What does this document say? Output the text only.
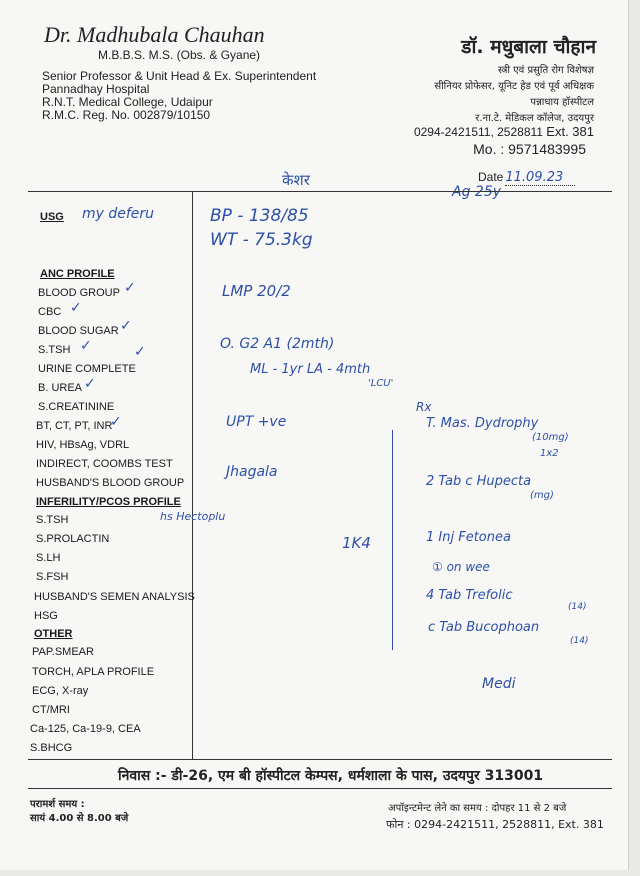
Dr. Madhubala Chauhan
M.B.B.S. M.S. (Obs. & Gyane)
Senior Professor & Unit Head & Ex. Superintendent
Pannadhay Hospital
R.N.T. Medical College, Udaipur
R.M.C. Reg. No. 002879/10150
डॉ. मधुबाला चौहान
स्त्री एवं प्रसुति रोग विशेषज्ञ
सीनियर प्रोफेसर, यूनिट हेड एवं पूर्व अधिक्षक
पन्नाधाय हॉस्पीटल
र.ना.टे. मेडिकल कॉलेज, उदयपुर
0294-2421511, 2528811 Ext. 381
Mo. : 9571483995
Date 11.09.23
केशर
Ag 25y
USG my deferu
ANC PROFILE
BLOOD GROUP
CBC
BLOOD SUGAR
S.TSH
URINE COMPLETE
B. UREA
S.CREATININE
BT, CT, PT, INR
HIV, HBsAg, VDRL
INDIRECT, COOMBS TEST
HUSBAND'S BLOOD GROUP
INFERILITY/PCOS PROFILE
S.TSH
S.PROLACTIN
S.LH
S.FSH
HUSBAND'S SEMEN ANALYSIS
HSG
OTHER
PAP.SMEAR
TORCH, APLA PROFILE
ECG, X-ray
CT/MRI
Ca-125, Ca-19-9, CEA
S.BHCG
✓
✓
✓
✓	✓
✓
✓
hs Hectoplu
BP - 138/85
WT - 75.3kg
LMP 20/2
O. G2 A1 (2mth)
ML - 1yr LA - 4mth
'LCU'
UPT +ve
Jhagala
1K4
Rx
T. Mas. Dydrophy
(10mg)
1x2
2 Tab c Hupecta
(mg)
1 Inj Fetonea
① on wee
4 Tab Trefolic
(14)
c Tab Bucophoan
(14)
Medi
निवास :- डी-26, एम बी हॉस्पीटल केम्पस, धर्मशाला के पास, उदयपुर 313001
परामर्श समय :
सायं 4.00 से 8.00 बजे
अपॉइन्टमेन्ट लेने का समय : दोपहर 11 से 2 बजे
फोन : 0294-2421511, 2528811, Ext. 381
